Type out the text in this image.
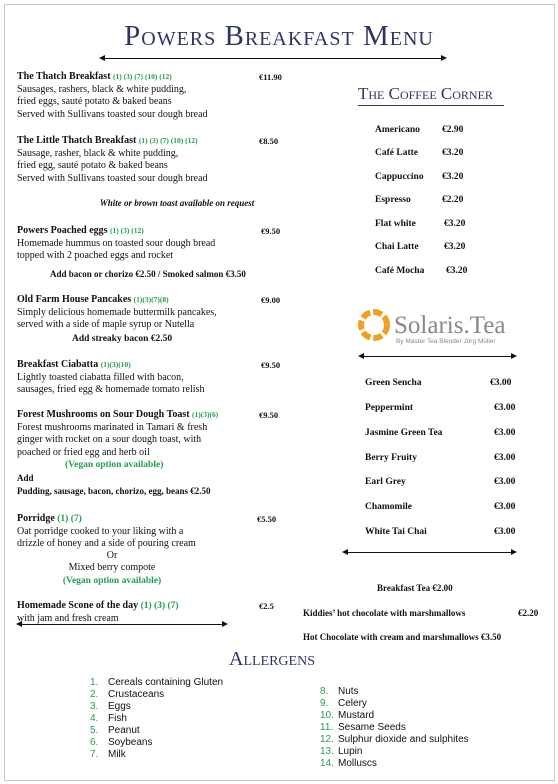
Powers Breakfast Menu
The Thatch Breakfast (1) (3) (7) (10) (12)
Sausages, rashers, black & white pudding,
fried eggs, sauté potato & baked beans
Served with Sullivans toasted sour dough bread
€11.90
The Little Thatch Breakfast (1) (3) (7) (10) (12)
Sausage, rasher, black & white pudding,
fried egg, sauté potato & baked beans
Served with Sullivans toasted sour dough bread
€8.50
White or brown toast available on request
Powers Poached eggs (1) (3) (12)
Homemade hummus on toasted sour dough bread
topped with 2 poached eggs and rocket
€9.50
Add bacon or chorizo €2.50 / Smoked salmon €3.50
Old Farm House Pancakes (1)(3)(7)(8)
Simply delicious homemade buttermilk pancakes,
served with a side of maple syrup or Nutella
€9.00
Add streaky bacon €2.50
Breakfast Ciabatta (1)(3)(10)
Lightly toasted ciabatta filled with bacon,
sausages, fried egg & homemade tomato relish
€9.50
Forest Mushrooms on Sour Dough Toast (1)(3)(6)
Forest mushrooms marinated in Tamari & fresh
ginger with rocket on a sour dough toast, with
poached or fried egg and herb oil
€9.50
(Vegan option available)
Add
Pudding, sausage, bacon, chorizo, egg, beans €2.50
Porridge (1) (7)
Oat porridge cooked to your liking with a
drizzle of honey and a side of pouring cream
€5.50
Or
Mixed berry compote
(Vegan option available)
Homemade Scone of the day (1) (3) (7)
with jam and fresh cream
€2.5
The Coffee Corner
Americano €2.90
Café Latte	€3.20
Cappuccino €3.20
Espresso	€2.20
Flat white	€3.20
Chai Latte	€3.20
Café Mocha €3.20
Solaris.Tea
By Master Tea Blender Jörg Müller
Green Sencha	€3.00
Peppermint	€3.00
Jasmine Green Tea	€3.00
Berry Fruity	€3.00
Earl Grey	€3.00
Chamomile	€3.00
White Tai Chai	€3.00
Breakfast Tea €2.00
Kiddies’ hot chocolate with marshmallows	€2.20
Hot Chocolate with cream and marshmallows €3.50
Allergens
1. Cereals containing Gluten
2. Crustaceans
3. Eggs
4. Fish
5. Peanut
6. Soybeans
7. Milk
8. Nuts
9. Celery
10. Mustard
11. Sesame Seeds
12. Sulphur dioxide and sulphites
13. Lupin
14. Molluscs
